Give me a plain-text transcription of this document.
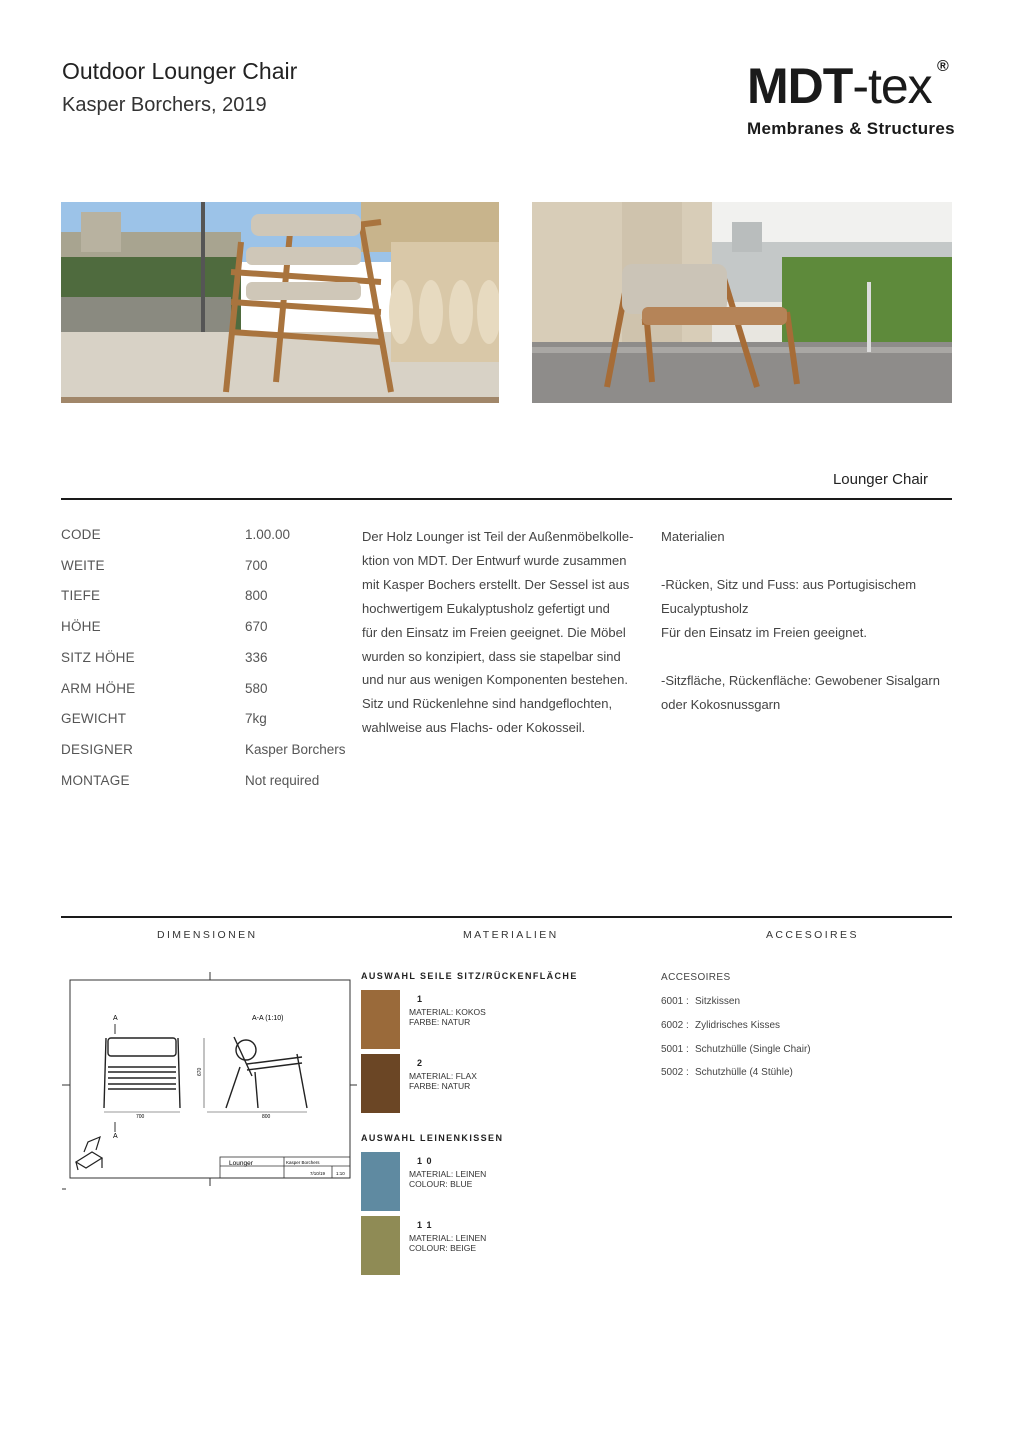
Outdoor Lounger Chair
Kasper Borchers, 2019	MDT-tex ®
Membranes & Structures
Lounger Chair
CODE	1.00.00
WEITE	700
TIEFE	800
HÖHE	670
SITZ HÖHE	336
ARM HÖHE	580
GEWICHT	7kg
DESIGNER	Kasper Borchers
MONTAGE	Not required
Der Holz Lounger ist Teil der Außenmöbelkolle-
ktion von MDT. Der Entwurf wurde zusammen
mit Kasper Bochers erstellt. Der Sessel ist aus
hochwertigem Eukalyptusholz gefertigt und
für den Einsatz im Freien geeignet. Die Möbel
wurden so konzipiert, dass sie stapelbar sind
und nur aus wenigen Komponenten bestehen.
Sitz und Rückenlehne sind handgeflochten,
wahlweise aus Flachs- oder Kokosseil.
Materialien
-Rücken, Sitz und Fuss: aus Portugisischem
Eucalyptusholz
Für den Einsatz im Freien geeignet.
-Sitzfläche, Rückenfläche: Gewobener Sisalgarn
oder Kokosnussgarn
DIMENSIONEN	MATERIALIEN	ACCESOIRES
A
A
700
A-A (1:10)
670
800
Lounger	Kasper Borchers
7/10/19 1:10
AUSWAHL SEILE SITZ/RÜCKENFLÄCHE
1
MATERIAL: KOKOS
FARBE: NATUR
2
MATERIAL: FLAX
FARBE: NATUR
AUSWAHL LEINENKISSEN
1 0
MATERIAL: LEINEN
COLOUR: BLUE
1 1
MATERIAL: LEINEN
COLOUR: BEIGE
ACCESOIRES
6001 : Sitzkissen
6002 : Zylidrisches Kisses
5001 : Schutzhülle (Single Chair)
5002 : Schutzhülle (4 Stühle)
